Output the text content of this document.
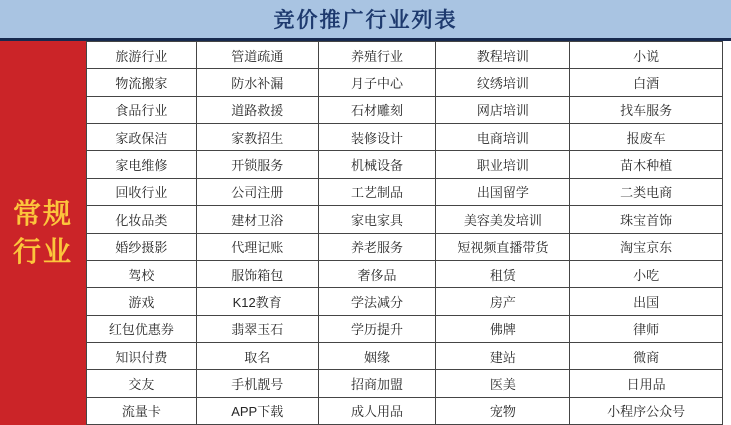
竞价推广行业列表
常规
行业
旅游行业	管道疏通	养殖行业	教程培训	小说
物流搬家	防水补漏	月子中心	纹绣培训	白酒
食品行业	道路救援	石材雕刻	网店培训	找车服务
家政保洁	家教招生	装修设计	电商培训	报废车
家电维修	开锁服务	机械设备	职业培训	苗木种植
回收行业	公司注册	工艺制品	出国留学	二类电商
化妆品类	建材卫浴	家电家具	美容美发培训	珠宝首饰
婚纱摄影	代理记账	养老服务	短视频直播带货	淘宝京东
驾校	服饰箱包	奢侈品	租赁	小吃
游戏	K12教育	学法减分	房产	出国
红包优惠券	翡翠玉石	学历提升	佛牌	律师
知识付费	取名	姻缘	建站	微商
交友	手机靓号	招商加盟	医美	日用品
流量卡	APP下载	成人用品	宠物	小程序公众号
